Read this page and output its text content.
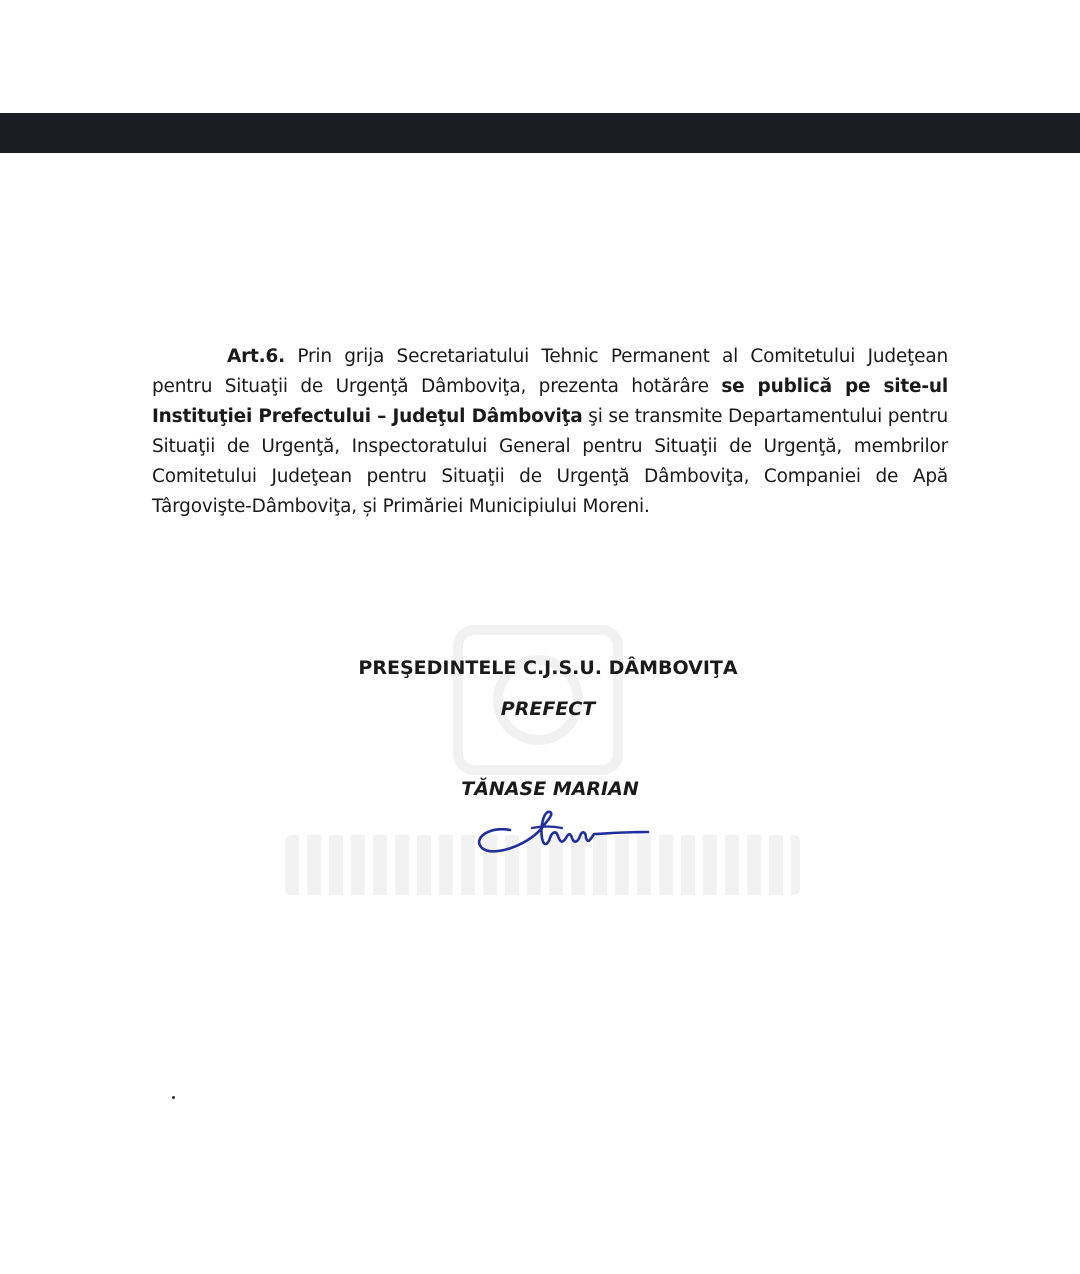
Art.6. Prin grija Secretariatului Tehnic Permanent al Comitetului Judeţean pentru Situaţii de Urgenţă Dâmboviţa, prezenta hotărâre se publică pe site-ul Instituţiei Prefectului – Judeţul Dâmboviţa şi se transmite Departamentului pentru Situaţii de Urgenţă, Inspectoratului General pentru Situaţii de Urgenţă, membrilor Comitetului Judeţean pentru Situaţii de Urgenţă Dâmboviţa, Companiei de Apă Târgovişte-Dâmboviţa, și Primăriei Municipiului Moreni.

PREŞEDINTELE C.J.S.U. DÂMBOVIŢA
PREFECT
TĂNASE MARIAN
